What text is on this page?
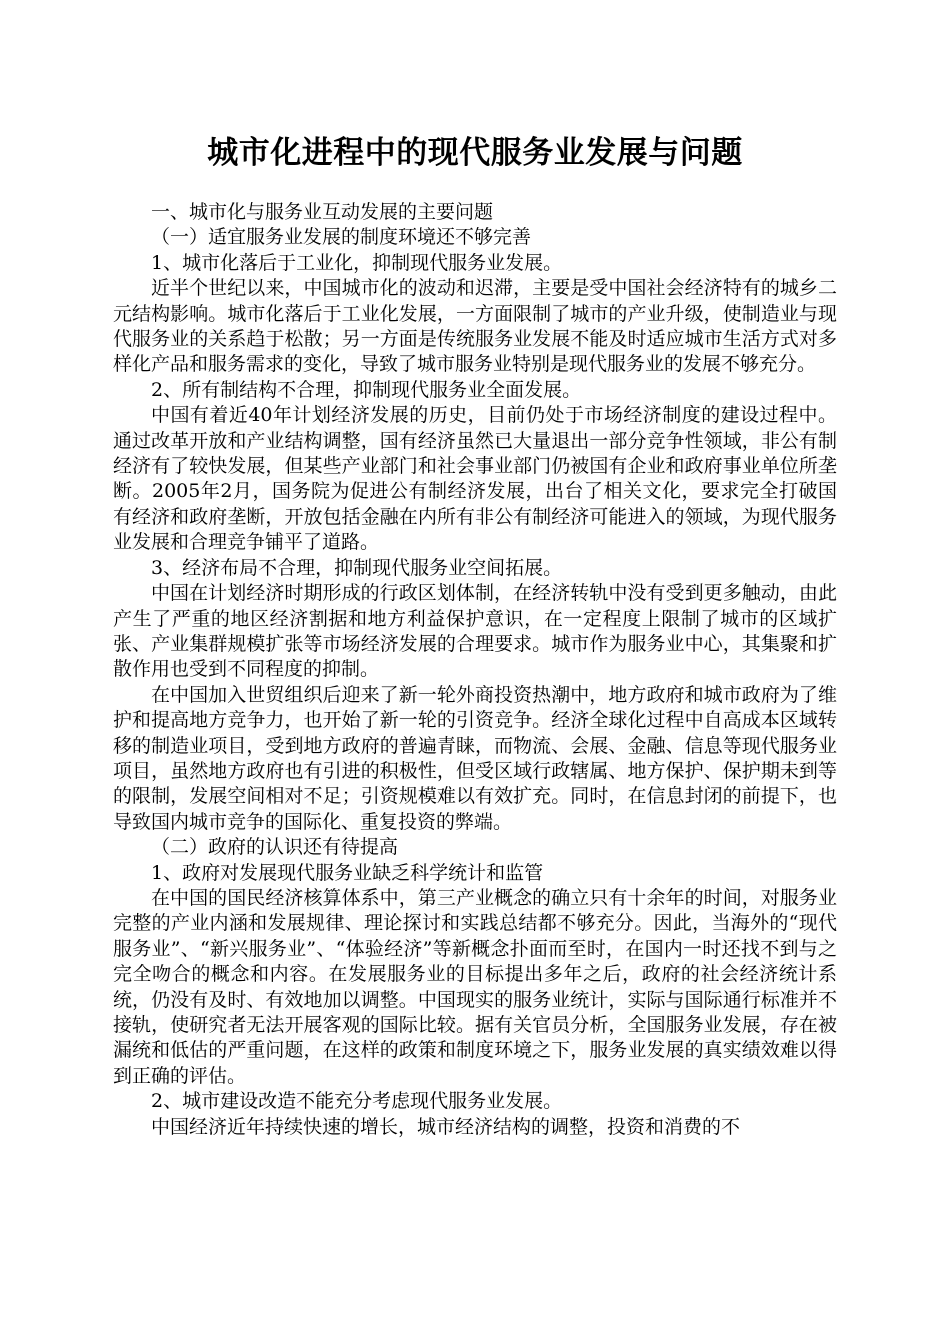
城市化进程中的现代服务业发展与问题

一、城市化与服务业互动发展的主要问题

（一）适宜服务业发展的制度环境还不够完善

1、城市化落后于工业化，抑制现代服务业发展。

近半个世纪以来，中国城市化的波动和迟滞，主要是受中国社会经济特有的城乡二元结构影响。城市化落后于工业化发展，一方面限制了城市的产业升级，使制造业与现代服务业的关系趋于松散；另一方面是传统服务业发展不能及时适应城市生活方式对多样化产品和服务需求的变化，导致了城市服务业特别是现代服务业的发展不够充分。

2、所有制结构不合理，抑制现代服务业全面发展。

中国有着近40年计划经济发展的历史，目前仍处于市场经济制度的建设过程中。通过改革开放和产业结构调整，国有经济虽然已大量退出一部分竞争性领域，非公有制经济有了较快发展，但某些产业部门和社会事业部门仍被国有企业和政府事业单位所垄断。2005年2月，国务院为促进公有制经济发展，出台了相关文化，要求完全打破国有经济和政府垄断，开放包括金融在内所有非公有制经济可能进入的领域，为现代服务业发展和合理竞争铺平了道路。

3、经济布局不合理，抑制现代服务业空间拓展。

中国在计划经济时期形成的行政区划体制，在经济转轨中没有受到更多触动，由此产生了严重的地区经济割据和地方利益保护意识，在一定程度上限制了城市的区域扩张、产业集群规模扩张等市场经济发展的合理要求。城市作为服务业中心，其集聚和扩散作用也受到不同程度的抑制。

在中国加入世贸组织后迎来了新一轮外商投资热潮中，地方政府和城市政府为了维护和提高地方竞争力，也开始了新一轮的引资竞争。经济全球化过程中自高成本区域转移的制造业项目，受到地方政府的普遍青睐，而物流、会展、金融、信息等现代服务业项目，虽然地方政府也有引进的积极性，但受区域行政辖属、地方保护、保护期未到等的限制，发展空间相对不足；引资规模难以有效扩充。同时，在信息封闭的前提下，也导致国内城市竞争的国际化、重复投资的弊端。

（二）政府的认识还有待提高

1、政府对发展现代服务业缺乏科学统计和监管

在中国的国民经济核算体系中，第三产业概念的确立只有十余年的时间，对服务业完整的产业内涵和发展规律、理论探讨和实践总结都不够充分。因此，当海外的“现代服务业”、“新兴服务业”、“体验经济”等新概念扑面而至时，在国内一时还找不到与之完全吻合的概念和内容。在发展服务业的目标提出多年之后，政府的社会经济统计系统，仍没有及时、有效地加以调整。中国现实的服务业统计，实际与国际通行标准并不接轨，使研究者无法开展客观的国际比较。据有关官员分析，全国服务业发展，存在被漏统和低估的严重问题，在这样的政策和制度环境之下，服务业发展的真实绩效难以得到正确的评估。

2、城市建设改造不能充分考虑现代服务业发展。

中国经济近年持续快速的增长，城市经济结构的调整，投资和消费的不
